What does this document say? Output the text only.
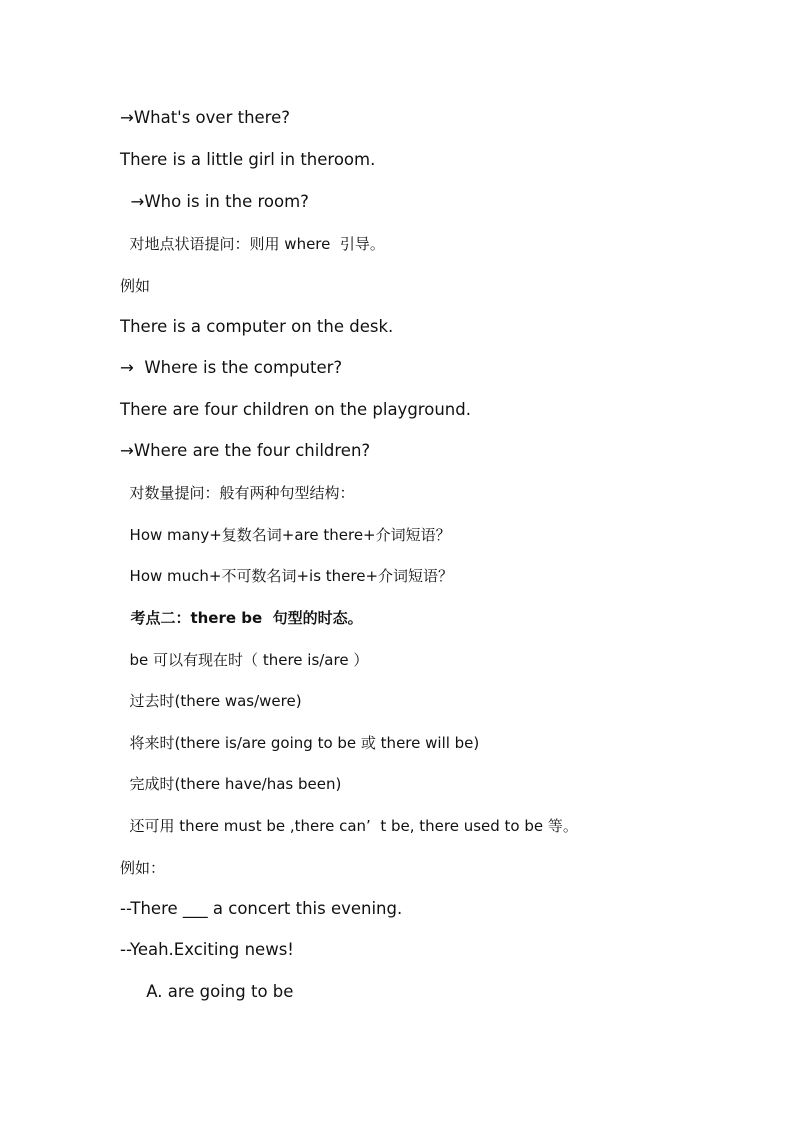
→What's over there?
There is a little girl in theroom.
→Who is in the room?
对地点状语提问：则用 where  引导。
例如
There is a computer on the desk.
→  Where is the computer?
There are four children on the playground.
→Where are the four children?
对数量提问：般有两种句型结构：
How many+复数名词+are there+介词短语？
How much+不可数名词+is there+介词短语？
考点二：there be  句型的时态。
be 可以有现在时（ there is/are ）
过去时(there was/were)
将来时(there is/are going to be 或 there will be)
完成时(there have/has been)
还可用 there must be ,there can’  t be, there used to be 等。
例如：
--There ___ a concert this evening.
--Yeah.Exciting news!
A. are going to be
